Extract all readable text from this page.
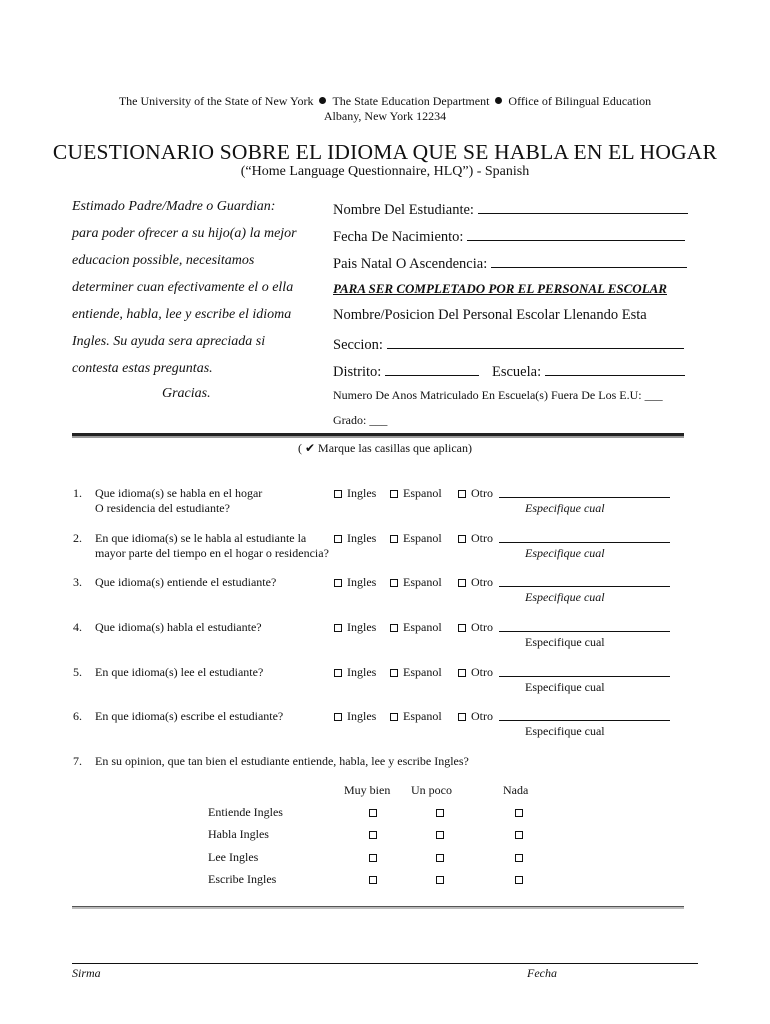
The University of the State of New York The State Education Department Office of Bilingual Education
Albany, New York 12234
CUESTIONARIO SOBRE EL IDIOMA QUE SE HABLA EN EL HOGAR
(“Home Language Questionnaire, HLQ”) - Spanish
Estimado Padre/Madre o Guardian:
para poder ofrecer a su hijo(a) la mejor
educacion possible, necesitamos
determiner cuan efectivamente el o ella
entiende, habla, lee y escribe el idioma
Ingles. Su ayuda sera apreciada si
contesta estas preguntas.
Gracias.
Nombre Del Estudiante:
Fecha De Nacimiento:
Pais Natal O Ascendencia:
PARA SER COMPLETADO POR EL PERSONAL ESCOLAR
Nombre/Posicion Del Personal Escolar Llenando Esta
Seccion:
Distrito:	Escuela:
Numero De Anos Matriculado En Escuela(s) Fuera De Los E.U: ___
Grado: ___
( ✔ Marque las casillas que aplican)
1. Que idioma(s) se habla en el hogar
O residencia del estudiante?
Ingles	Espanol	Otro
Especifique cual
2. En que idioma(s) se le habla al estudiante la
mayor parte del tiempo en el hogar o residencia?
Ingles	Espanol	Otro
Especifique cual
3. Que idioma(s) entiende el estudiante?	Ingles	Espanol	Otro
Especifique cual
4. Que idioma(s) habla el estudiante?	Ingles	Espanol	Otro
Especifique cual
5. En que idioma(s) lee el estudiante?	Ingles	Espanol	Otro
Especifique cual
6. En que idioma(s) escribe el estudiante?	Ingles	Espanol	Otro
Especifique cual
7. En su opinion, que tan bien el estudiante entiende, habla, lee y escribe Ingles?
Muy bien Un poco	Nada
Entiende Ingles
Habla Ingles
Lee Ingles
Escribe Ingles
Sirma	Fecha
